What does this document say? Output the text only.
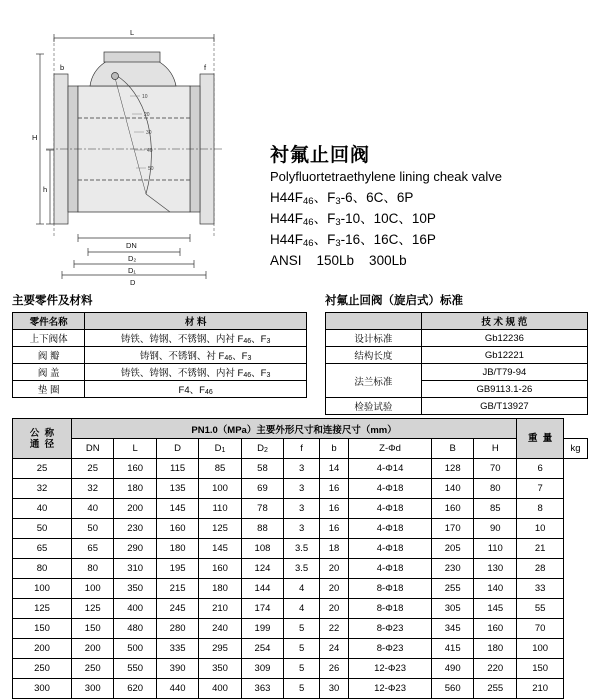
L
DN
D₂
D₁
D
H
h
b	f
10
20
30
40
50
衬氟止回阀
Polyfluortetraethylene lining cheak valve
$H44F_{46}$、$F_3-6$、6C、6P
$H44F_{46}$、$F_3-10$、10C、10P
$H44F_{46}$、$F_3-16$、16C、16P
ANSI    150Lb    300Lb
主要零件及材料
零件名称	材 料
上下阀体	铸铁、铸钢、不锈钢、内衬 F46、F3
阀 瓣	铸钢、不锈钢、衬 F46、F3
阀 盖	铸铁、铸钢、不锈钢、内衬 F46、F3
垫 圈	F4、F46
衬氟止回阀（旋启式）标准
	技 术 规 范
设计标准	Gb12236
结构长度	Gb12221
法兰标准	JB/T79-94
	GB9113.1-26
检验试验	GB/T13927
公  称
通  径	PN1.0（MPa）主要外形尺寸和连接尺寸（mm）										重  量	
	DN	L	D	D1	D2	f	b	Z-Φd	B	H		kg
25	25	160	115	85	58	3	14	4-Φ14	128	70	6	
32	32	180	135	100	69	3	16	4-Φ18	140	80	7	
40	40	200	145	110	78	3	16	4-Φ18	160	85	8	
50	50	230	160	125	88	3	16	4-Φ18	170	90	10	
65	65	290	180	145	108	3.5	18	4-Φ18	205	110	21	
80	80	310	195	160	124	3.5	20	4-Φ18	230	130	28	
100	100	350	215	180	144	4	20	8-Φ18	255	140	33	
125	125	400	245	210	174	4	20	8-Φ18	305	145	55	
150	150	480	280	240	199	5	22	8-Φ23	345	160	70	
200	200	500	335	295	254	5	24	8-Φ23	415	180	100	
250	250	550	390	350	309	5	26	12-Φ23	490	220	150	
300	300	620	440	400	363	5	30	12-Φ23	560	255	210	
